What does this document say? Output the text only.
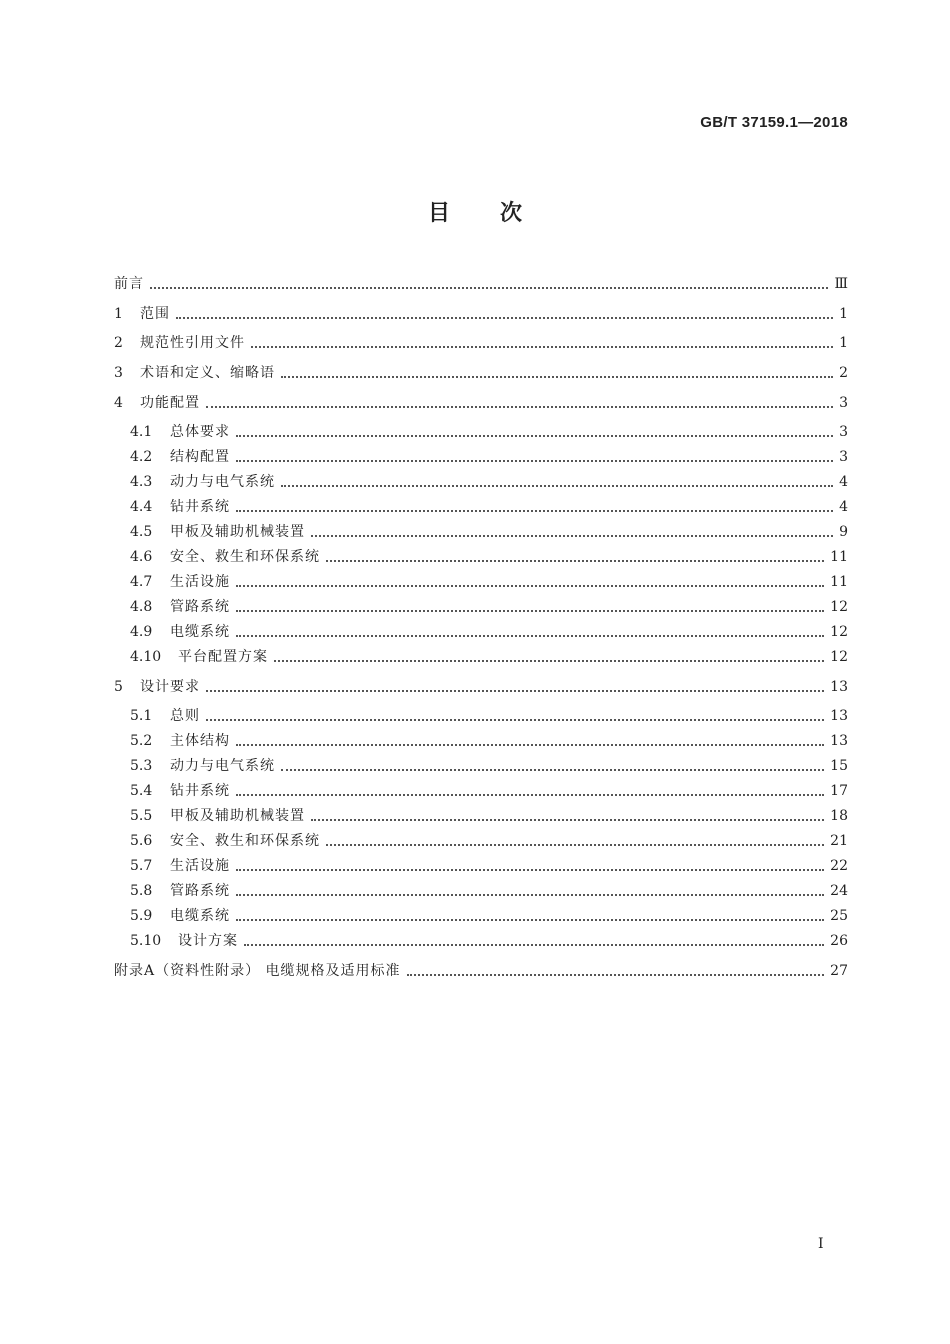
GB/T 37159.1—2018
目 次
前言	Ⅲ
1	范围	1
2	规范性引用文件	1
3	术语和定义、缩略语	2
4	功能配置	3
4.1	总体要求	3
4.2	结构配置	3
4.3	动力与电气系统	4
4.4	钻井系统	4
4.5	甲板及辅助机械装置	9
4.6	安全、救生和环保系统	11
4.7	生活设施	11
4.8	管路系统	12
4.9	电缆系统	12
4.10	平台配置方案	12
5	设计要求	13
5.1	总则	13
5.2	主体结构	13
5.3	动力与电气系统	15
5.4	钻井系统	17
5.5	甲板及辅助机械装置	18
5.6	安全、救生和环保系统	21
5.7	生活设施	22
5.8	管路系统	24
5.9	电缆系统	25
5.10	设计方案	26
附录A（资料性附录） 电缆规格及适用标准	27
I
